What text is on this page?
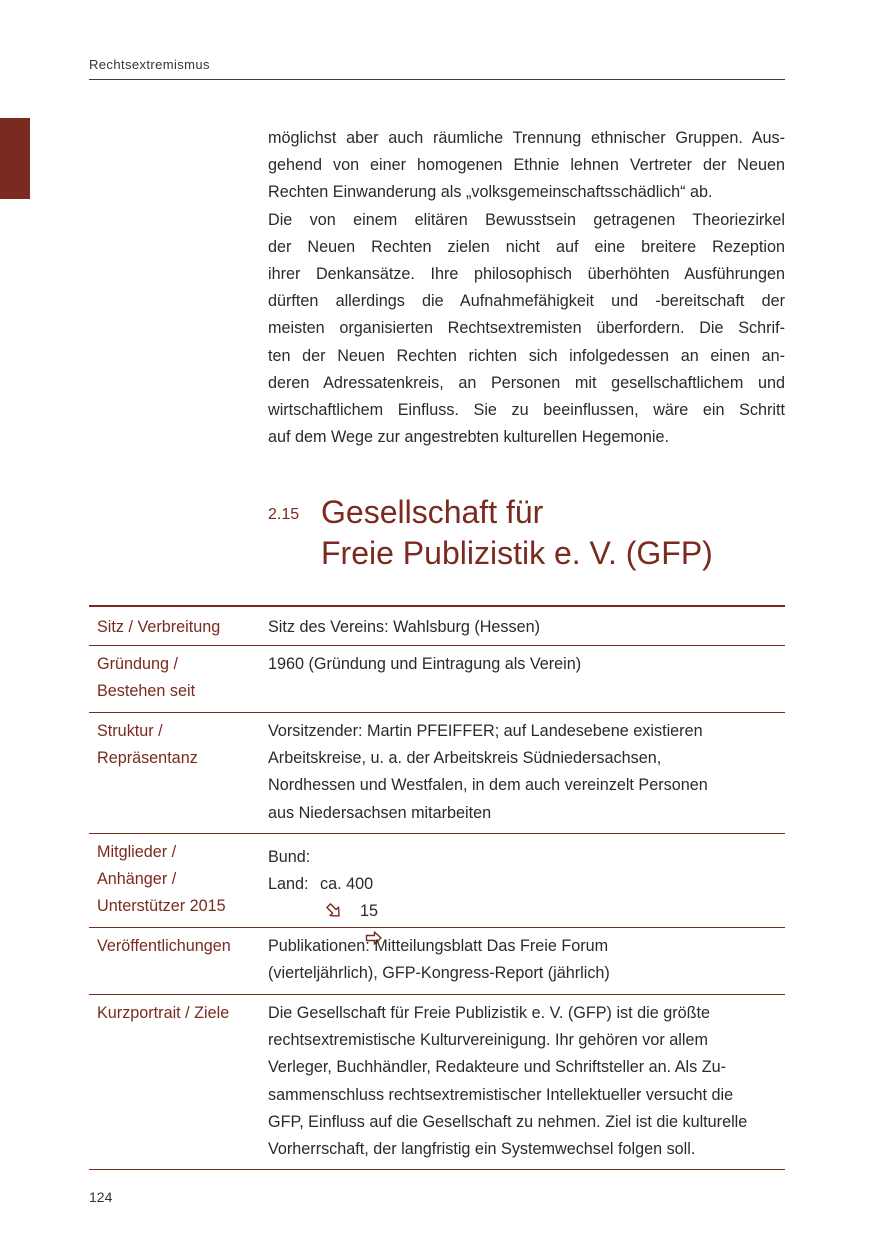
Rechtsextremismus
möglichst aber auch räumliche Trennung ethnischer Gruppen. Aus-
gehend von einer homogenen Ethnie lehnen Vertreter der Neuen
Rechten Einwanderung als „volksgemeinschaftsschädlich“ ab.
Die von einem elitären Bewusstsein getragenen Theoriezirkel
der Neuen Rechten zielen nicht auf eine breitere Rezeption
ihrer Denkansätze. Ihre philosophisch überhöhten Ausführungen
dürften allerdings die Aufnahmefähigkeit und -bereitschaft der
meisten organisierten Rechtsextremisten überfordern. Die Schrif-
ten der Neuen Rechten richten sich infolgedessen an einen an-
deren Adressatenkreis, an Personen mit gesellschaftlichem und
wirtschaftlichem Einfluss. Sie zu beeinflussen, wäre ein Schritt
auf dem Wege zur angestrebten kulturellen Hegemonie.
2.15 Gesellschaft für
Freie Publizistik e. V. (GFP)
Sitz / Verbreitung	Sitz des Vereins: Wahlsburg (Hessen)
Gründung /
Bestehen seit
1960 (Gründung und Eintragung als Verein)
Struktur /
Repräsentanz
Vorsitzender: Martin PFEIFFER; auf Landesebene existieren
Arbeitskreise, u. a. der Arbeitskreis Südniedersachsen,
Nordhessen und Westfalen, in dem auch vereinzelt Personen
aus Niedersachsen mitarbeiten
Mitglieder /
Anhänger /
Unterstützer 2015
Bund:
ca. 400
Land:
15
Veröffentlichungen Publikationen: Mitteilungsblatt Das Freie Forum
(vierteljährlich), GFP-Kongress-Report (jährlich)
Kurzportrait / Ziele Die Gesellschaft für Freie Publizistik e. V. (GFP) ist die größte
rechtsextremistische Kulturvereinigung. Ihr gehören vor allem
Verleger, Buchhändler, Redakteure und Schriftsteller an. Als Zu-
sammenschluss rechtsextremistischer Intellektueller versucht die
GFP, Einfluss auf die Gesellschaft zu nehmen. Ziel ist die kulturelle
Vorherrschaft, der langfristig ein Systemwechsel folgen soll.
124
